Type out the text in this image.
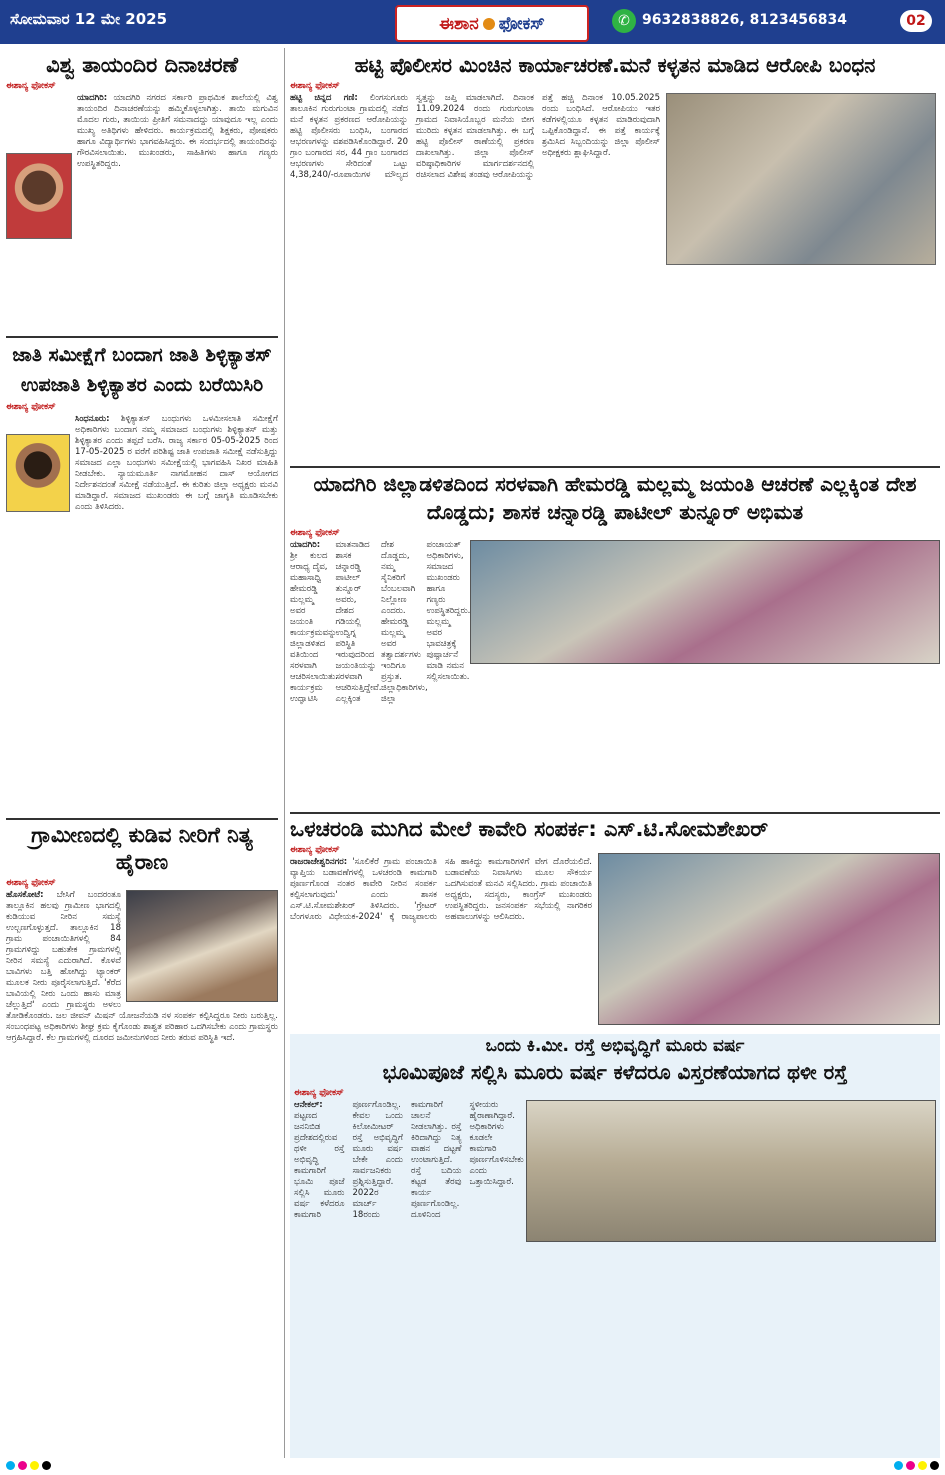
ಸೋಮವಾರ 12 ಮೇ 2025	ಈಶಾನ ಫೋಕಸ್	✆ 9632838826, 8123456834	02
ವಿಶ್ವ ತಾಯಂದಿರ ದಿನಾಚರಣೆ
ಈಶಾನ್ಯ ಫೋಕಸ್
ಯಾದಗಿರಿ: ಯಾದಗಿರಿ ನಗರದ ಸರ್ಕಾರಿ ಪ್ರಾಥಮಿಕ ಶಾಲೆಯಲ್ಲಿ ವಿಶ್ವ ತಾಯಂದಿರ ದಿನಾಚರಣೆಯನ್ನು ಹಮ್ಮಿಕೊಳ್ಳಲಾಗಿತ್ತು. ತಾಯಿ ಮಗುವಿನ ಮೊದಲ ಗುರು, ತಾಯಿಯ ಪ್ರೀತಿಗೆ ಸಮನಾದದ್ದು ಯಾವುದೂ ಇಲ್ಲ ಎಂದು ಮುಖ್ಯ ಅತಿಥಿಗಳು ಹೇಳಿದರು. ಕಾರ್ಯಕ್ರಮದಲ್ಲಿ ಶಿಕ್ಷಕರು, ಪೋಷಕರು ಹಾಗೂ ವಿದ್ಯಾರ್ಥಿಗಳು ಭಾಗವಹಿಸಿದ್ದರು. ಈ ಸಂದರ್ಭದಲ್ಲಿ ತಾಯಂದಿರನ್ನು ಗೌರವಿಸಲಾಯಿತು. ಮುಖಂಡರು, ಸಾಹಿತಿಗಳು ಹಾಗೂ ಗಣ್ಯರು ಉಪಸ್ಥಿತರಿದ್ದರು.
ಜಾತಿ ಸಮೀಕ್ಷೆಗೆ ಬಂದಾಗ ಜಾತಿ ಶಿಳ್ಳಿಕ್ಯಾತಸ್ ಉಪಜಾತಿ ಶಿಳ್ಳಿಕ್ಯಾತರ ಎಂದು ಬರೆಯಿಸಿರಿ
ಈಶಾನ್ಯ ಫೋಕಸ್
ಸಿಂಧನೂರು: ಶಿಳ್ಳಿಕ್ಯಾತಸ್ ಬಂಧುಗಳು ಒಳಮೀಸಲಾತಿ ಸಮೀಕ್ಷೆಗೆ ಅಧಿಕಾರಿಗಳು ಬಂದಾಗ ನಮ್ಮ ಸಮಾಜದ ಬಂಧುಗಳು ಶಿಳ್ಳಿಕ್ಯಾತಸ್ ಮತ್ತು ಶಿಳ್ಳಿಕ್ಯಾತರ ಎಂದು ತಪ್ಪದೆ ಬರೆಸಿ. ರಾಜ್ಯ ಸರ್ಕಾರ 05-05-2025 ರಿಂದ 17-05-2025 ರ ವರೆಗೆ ಪರಿಶಿಷ್ಟ ಜಾತಿ ಉಪಜಾತಿ ಸಮೀಕ್ಷೆ ನಡೆಸುತ್ತಿದ್ದು ಸಮಾಜದ ಎಲ್ಲಾ ಬಂಧುಗಳು ಸಮೀಕ್ಷೆಯಲ್ಲಿ ಭಾಗವಹಿಸಿ ನಿಖರ ಮಾಹಿತಿ ನೀಡಬೇಕು. ನ್ಯಾಯಮೂರ್ತಿ ನಾಗಮೋಹನ ದಾಸ್ ಆಯೋಗದ ನಿರ್ದೇಶನದಂತೆ ಸಮೀಕ್ಷೆ ನಡೆಯುತ್ತಿದೆ. ಈ ಕುರಿತು ಜಿಲ್ಲಾ ಅಧ್ಯಕ್ಷರು ಮನವಿ ಮಾಡಿದ್ದಾರೆ. ಸಮಾಜದ ಮುಖಂಡರು ಈ ಬಗ್ಗೆ ಜಾಗೃತಿ ಮೂಡಿಸಬೇಕು ಎಂದು ತಿಳಿಸಿದರು.
ಗ್ರಾಮೀಣದಲ್ಲಿ ಕುಡಿವ ನೀರಿಗೆ ನಿತ್ಯ ಹೈರಾಣ
ಈಶಾನ್ಯ ಫೋಕಸ್
ಹೊಸಕೋಟೆ: ಬೇಸಿಗೆ ಬಂದರಂತೂ ತಾಲ್ಲೂಕಿನ ಹಲವು ಗ್ರಾಮೀಣ ಭಾಗದಲ್ಲಿ ಕುಡಿಯುವ ನೀರಿನ ಸಮಸ್ಯೆ ಉಲ್ಬಣಗೊಳ್ಳುತ್ತದೆ. ತಾಲ್ಲೂಕಿನ 18 ಗ್ರಾಮ ಪಂಚಾಯಿತಿಗಳಲ್ಲಿ 84 ಗ್ರಾಮಗಳಿದ್ದು ಬಹುತೇಕ ಗ್ರಾಮಗಳಲ್ಲಿ ನೀರಿನ ಸಮಸ್ಯೆ ಎದುರಾಗಿದೆ. ಕೊಳವೆ ಬಾವಿಗಳು ಬತ್ತಿ ಹೋಗಿದ್ದು ಟ್ಯಾಂಕರ್ ಮೂಲಕ ನೀರು ಪೂರೈಸಲಾಗುತ್ತಿದೆ. 'ಕೆರೆದ ಬಾವಿಯಲ್ಲಿ ನೀರು ಒಂದು ಹಾಸು ಮಾತ್ರ ಚೆಲ್ಲುತ್ತಿದೆ' ಎಂದು ಗ್ರಾಮಸ್ಥರು ಅಳಲು ತೋಡಿಕೊಂಡರು. ಜಲ ಜೀವನ್ ಮಿಷನ್ ಯೋಜನೆಯಡಿ ನಳ ಸಂಪರ್ಕ ಕಲ್ಪಿಸಿದ್ದರೂ ನೀರು ಬರುತ್ತಿಲ್ಲ. ಸಂಬಂಧಪಟ್ಟ ಅಧಿಕಾರಿಗಳು ಶೀಘ್ರ ಕ್ರಮ ಕೈಗೊಂಡು ಶಾಶ್ವತ ಪರಿಹಾರ ಒದಗಿಸಬೇಕು ಎಂದು ಗ್ರಾಮಸ್ಥರು ಆಗ್ರಹಿಸಿದ್ದಾರೆ. ಕೆಲ ಗ್ರಾಮಗಳಲ್ಲಿ ದೂರದ ಜಮೀನುಗಳಿಂದ ನೀರು ತರುವ ಪರಿಸ್ಥಿತಿ ಇದೆ.
ಹಟ್ಟಿ ಪೊಲೀಸರ ಮಿಂಚಿನ ಕಾರ್ಯಾಚರಣೆ.ಮನೆ ಕಳ್ಳತನ ಮಾಡಿದ ಆರೋಪಿ ಬಂಧನ
ಈಶಾನ್ಯ ಫೋಕಸ್
ಹಟ್ಟಿ ಚಿನ್ನದ ಗಣಿ: ಲಿಂಗಸುಗೂರು ತಾಲೂಕಿನ ಗುರುಗುಂಟಾ ಗ್ರಾಮದಲ್ಲಿ ನಡೆದ ಮನೆ ಕಳ್ಳತನ ಪ್ರಕರಣದ ಆರೋಪಿಯನ್ನು ಹಟ್ಟಿ ಪೊಲೀಸರು ಬಂಧಿಸಿ, ಬಂಗಾರದ ಆಭರಣಗಳನ್ನು ವಶಪಡಿಸಿಕೊಂಡಿದ್ದಾರೆ. 20 ಗ್ರಾಂ ಬಂಗಾರದ ಸರ, 44 ಗ್ರಾಂ ಬಂಗಾರದ ಆಭರಣಗಳು ಸೇರಿದಂತೆ ಒಟ್ಟು 4,38,240/-ರೂಪಾಯಿಗಳ ಮೌಲ್ಯದ ಸ್ವತ್ತನ್ನು ಜಪ್ತಿ ಮಾಡಲಾಗಿದೆ. ದಿನಾಂಕ 11.09.2024 ರಂದು ಗುರುಗುಂಟಾ ಗ್ರಾಮದ ನಿವಾಸಿಯೊಬ್ಬರ ಮನೆಯ ಬೀಗ ಮುರಿದು ಕಳ್ಳತನ ಮಾಡಲಾಗಿತ್ತು. ಈ ಬಗ್ಗೆ ಹಟ್ಟಿ ಪೊಲೀಸ್ ಠಾಣೆಯಲ್ಲಿ ಪ್ರಕರಣ ದಾಖಲಾಗಿತ್ತು. ಜಿಲ್ಲಾ ಪೊಲೀಸ್ ವರಿಷ್ಠಾಧಿಕಾರಿಗಳ ಮಾರ್ಗದರ್ಶನದಲ್ಲಿ ರಚಿಸಲಾದ ವಿಶೇಷ ತಂಡವು ಆರೋಪಿಯನ್ನು ಪತ್ತೆ ಹಚ್ಚಿ ದಿನಾಂಕ 10.05.2025 ರಂದು ಬಂಧಿಸಿದೆ. ಆರೋಪಿಯು ಇತರ ಕಡೆಗಳಲ್ಲಿಯೂ ಕಳ್ಳತನ ಮಾಡಿರುವುದಾಗಿ ಒಪ್ಪಿಕೊಂಡಿದ್ದಾನೆ. ಈ ಪತ್ತೆ ಕಾರ್ಯಕ್ಕೆ ಶ್ರಮಿಸಿದ ಸಿಬ್ಬಂದಿಯನ್ನು ಜಿಲ್ಲಾ ಪೊಲೀಸ್ ಅಧೀಕ್ಷಕರು ಶ್ಲಾಘಿಸಿದ್ದಾರೆ.
ಯಾದಗಿರಿ ಜಿಲ್ಲಾಡಳಿತದಿಂದ ಸರಳವಾಗಿ ಹೇಮರಡ್ಡಿ ಮಲ್ಲಮ್ಮ ಜಯಂತಿ ಆಚರಣೆ ಎಲ್ಲಕ್ಕಿಂತ ದೇಶ ದೊಡ್ಡದು; ಶಾಸಕ ಚನ್ನಾರಡ್ಡಿ ಪಾಟೀಲ್ ತುನ್ನೂರ್ ಅಭಿಮತ
ಈಶಾನ್ಯ ಫೋಕಸ್
ಯಾದಗಿರಿ: ಶ್ರೀ ಕುಲದ ಆರಾಧ್ಯ ದೈವ, ಮಹಾಸಾಧ್ವಿ ಹೇಮರಡ್ಡಿ ಮಲ್ಲಮ್ಮ ಅವರ ಜಯಂತಿ ಕಾರ್ಯಕ್ರಮವನ್ನು ಜಿಲ್ಲಾಡಳಿತದ ವತಿಯಿಂದ ಸರಳವಾಗಿ ಆಚರಿಸಲಾಯಿತು. ಕಾರ್ಯಕ್ರಮ ಉದ್ಘಾಟಿಸಿ ಮಾತನಾಡಿದ ಶಾಸಕ ಚನ್ನಾರಡ್ಡಿ ಪಾಟೀಲ್ ತುನ್ನೂರ್ ಅವರು, ದೇಶದ ಗಡಿಯಲ್ಲಿ ಉದ್ವಿಗ್ನ ಪರಿಸ್ಥಿತಿ ಇರುವುದರಿಂದ ಜಯಂತಿಯನ್ನು ಸರಳವಾಗಿ ಆಚರಿಸುತ್ತಿದ್ದೇವೆ. ಎಲ್ಲಕ್ಕಿಂತ ದೇಶ ದೊಡ್ಡದು, ನಮ್ಮ ಸೈನಿಕರಿಗೆ ಬೆಂಬಲವಾಗಿ ನಿಲ್ಲೋಣ ಎಂದರು. ಹೇಮರಡ್ಡಿ ಮಲ್ಲಮ್ಮ ಅವರ ತತ್ವಾದರ್ಶಗಳು ಇಂದಿಗೂ ಪ್ರಸ್ತುತ. ಜಿಲ್ಲಾಧಿಕಾರಿಗಳು, ಜಿಲ್ಲಾ ಪಂಚಾಯತ್ ಅಧಿಕಾರಿಗಳು, ಸಮಾಜದ ಮುಖಂಡರು ಹಾಗೂ ಗಣ್ಯರು ಉಪಸ್ಥಿತರಿದ್ದರು. ಮಲ್ಲಮ್ಮ ಅವರ ಭಾವಚಿತ್ರಕ್ಕೆ ಪುಷ್ಪಾರ್ಚನೆ ಮಾಡಿ ನಮನ ಸಲ್ಲಿಸಲಾಯಿತು.
ಒಳಚರಂಡಿ ಮುಗಿದ ಮೇಲೆ ಕಾವೇರಿ ಸಂಪರ್ಕ: ಎಸ್.ಟಿ.ಸೋಮಶೇಖರ್
ಈಶಾನ್ಯ ಫೋಕಸ್
ರಾಜರಾಜೇಶ್ವರಿನಗರ: 'ಸೂಲಿಕೆರೆ ಗ್ರಾಮ ಪಂಚಾಯಿತಿ ವ್ಯಾಪ್ತಿಯ ಬಡಾವಣೆಗಳಲ್ಲಿ ಒಳಚರಂಡಿ ಕಾಮಗಾರಿ ಪೂರ್ಣಗೊಂಡ ನಂತರ ಕಾವೇರಿ ನೀರಿನ ಸಂಪರ್ಕ ಕಲ್ಪಿಸಲಾಗುವುದು' ಎಂದು ಶಾಸಕ ಎಸ್.ಟಿ.ಸೋಮಶೇಖರ್ ತಿಳಿಸಿದರು. 'ಗ್ರೇಟರ್ ಬೆಂಗಳೂರು ವಿಧೇಯಕ-2024' ಕ್ಕೆ ರಾಜ್ಯಪಾಲರು ಸಹಿ ಹಾಕಿದ್ದು ಕಾಮಗಾರಿಗಳಿಗೆ ವೇಗ ದೊರೆಯಲಿದೆ. ಬಡಾವಣೆಯ ನಿವಾಸಿಗಳು ಮೂಲ ಸೌಕರ್ಯ ಒದಗಿಸುವಂತೆ ಮನವಿ ಸಲ್ಲಿಸಿದರು. ಗ್ರಾಮ ಪಂಚಾಯಿತಿ ಅಧ್ಯಕ್ಷರು, ಸದಸ್ಯರು, ಕಾಂಗ್ರೆಸ್ ಮುಖಂಡರು ಉಪಸ್ಥಿತರಿದ್ದರು. ಜನಸಂಪರ್ಕ ಸಭೆಯಲ್ಲಿ ನಾಗರಿಕರ ಅಹವಾಲುಗಳನ್ನು ಆಲಿಸಿದರು.
ಒಂದು ಕಿ.ಮೀ. ರಸ್ತೆ ಅಭಿವೃದ್ಧಿಗೆ ಮೂರು ವರ್ಷ
ಭೂಮಿಪೂಜೆ ಸಲ್ಲಿಸಿ ಮೂರು ವರ್ಷ ಕಳೆದರೂ ವಿಸ್ತರಣೆಯಾಗದ ಥಳೀ ರಸ್ತೆ
ಈಶಾನ್ಯ ಫೋಕಸ್
ಆನೇಕಲ್: ಪಟ್ಟಣದ ಜನನಿಬಿಡ ಪ್ರದೇಶದಲ್ಲಿರುವ ಥಳೀ ರಸ್ತೆ ಅಭಿವೃದ್ಧಿ ಕಾಮಗಾರಿಗೆ ಭೂಮಿ ಪೂಜೆ ಸಲ್ಲಿಸಿ ಮೂರು ವರ್ಷ ಕಳೆದರೂ ಕಾಮಗಾರಿ ಪೂರ್ಣಗೊಂಡಿಲ್ಲ. ಕೇವಲ ಒಂದು ಕಿಲೋಮೀಟರ್ ರಸ್ತೆ ಅಭಿವೃದ್ಧಿಗೆ ಮೂರು ವರ್ಷ ಬೇಕೇ ಎಂದು ಸಾರ್ವಜನಿಕರು ಪ್ರಶ್ನಿಸುತ್ತಿದ್ದಾರೆ. 2022ರ ಮಾರ್ಚ್ 18ರಂದು ಕಾಮಗಾರಿಗೆ ಚಾಲನೆ ನೀಡಲಾಗಿತ್ತು. ರಸ್ತೆ ಕಿರಿದಾಗಿದ್ದು ನಿತ್ಯ ವಾಹನ ದಟ್ಟಣೆ ಉಂಟಾಗುತ್ತಿದೆ. ರಸ್ತೆ ಬದಿಯ ಕಟ್ಟಡ ತೆರವು ಕಾರ್ಯ ಪೂರ್ಣಗೊಂಡಿಲ್ಲ. ದೂಳಿನಿಂದ ಸ್ಥಳೀಯರು ಹೈರಾಣಾಗಿದ್ದಾರೆ. ಅಧಿಕಾರಿಗಳು ಕೂಡಲೇ ಕಾಮಗಾರಿ ಪೂರ್ಣಗೊಳಿಸಬೇಕು ಎಂದು ಒತ್ತಾಯಿಸಿದ್ದಾರೆ.
